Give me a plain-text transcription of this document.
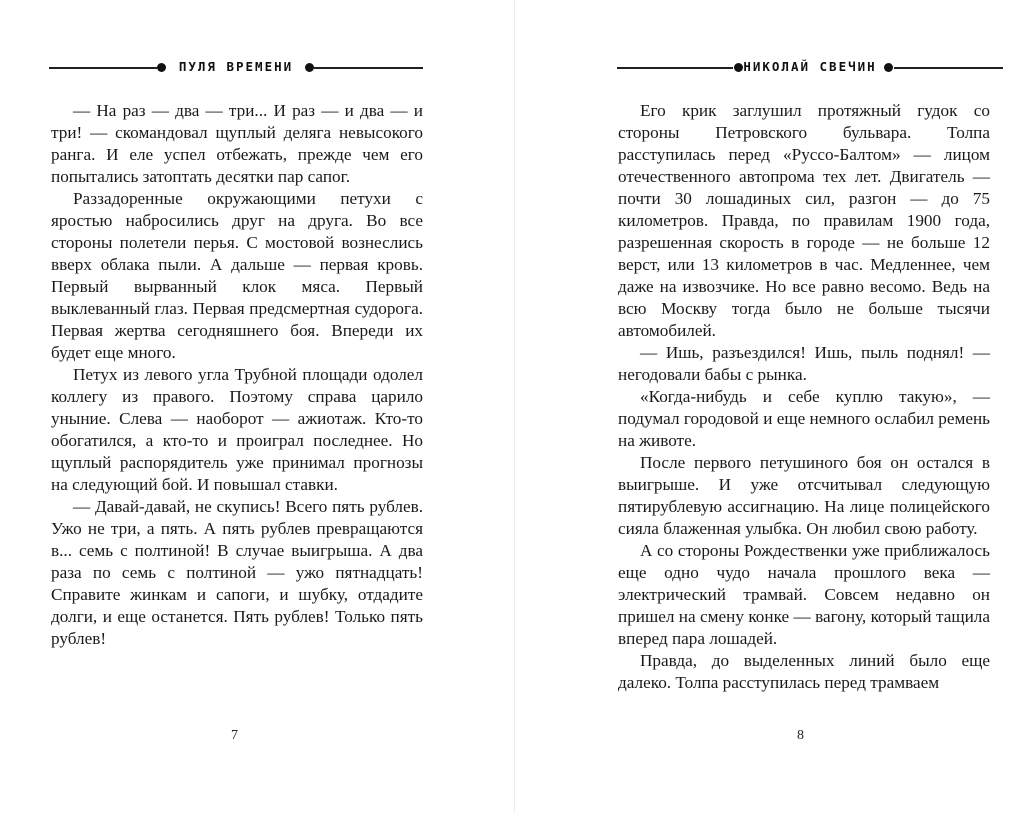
ПУЛЯ ВРЕМЕНИ

— На раз — два — три... И раз — и два — и три! — скомандовал щуплый деляга невысокого ранга. И еле успел отбежать, прежде чем его попытались затоптать десятки пар сапог.

Раззадоренные окружающими петухи с яростью набросились друг на друга. Во все стороны полетели перья. С мостовой вознеслись вверх облака пыли. А дальше — первая кровь. Первый вырванный клок мяса. Первый выклеванный глаз. Первая предсмертная судорога. Первая жертва сегодняшнего боя. Впереди их будет еще много.

Петух из левого угла Трубной площади одолел коллегу из правого. Поэтому справа царило уныние. Слева — наоборот — ажиотаж. Кто-то обогатился, а кто-то и проиграл последнее. Но щуплый распорядитель уже принимал прогнозы на следующий бой. И повышал ставки.

— Давай-давай, не скупись! Всего пять рублев. Ужо не три, а пять. А пять рублев превращаются в... семь с полтиной! В случае выигрыша. А два раза по семь с полтиной — ужо пятнадцать! Справите жинкам и сапоги, и шубку, отдадите долги, и еще останется. Пять рублев! Только пять рублев!

7
НИКОЛАЙ СВЕЧИН

Его крик заглушил протяжный гудок со стороны Петровского бульвара. Толпа расступилась перед «Руссо-Балтом» — лицом отечественного автопрома тех лет. Двигатель — почти 30 лошадиных сил, разгон — до 75 километров. Правда, по правилам 1900 года, разрешенная скорость в городе — не больше 12 верст, или 13 километров в час. Медленнее, чем даже на извозчике. Но все равно весомо. Ведь на всю Москву тогда было не больше тысячи автомобилей.

— Ишь, разъездился! Ишь, пыль поднял! — негодовали бабы с рынка.

«Когда-нибудь и себе куплю такую», — подумал городовой и еще немного ослабил ремень на животе.

После первого петушиного боя он остался в выигрыше. И уже отсчитывал следующую пятирублевую ассигнацию. На лице полицейского сияла блаженная улыбка. Он любил свою работу.

А со стороны Рождественки уже приближалось еще одно чудо начала прошлого века — электрический трамвай. Совсем недавно он пришел на смену конке — вагону, который тащила вперед пара лошадей.

Правда, до выделенных линий было еще далеко. Толпа расступилась перед трамваем

8
